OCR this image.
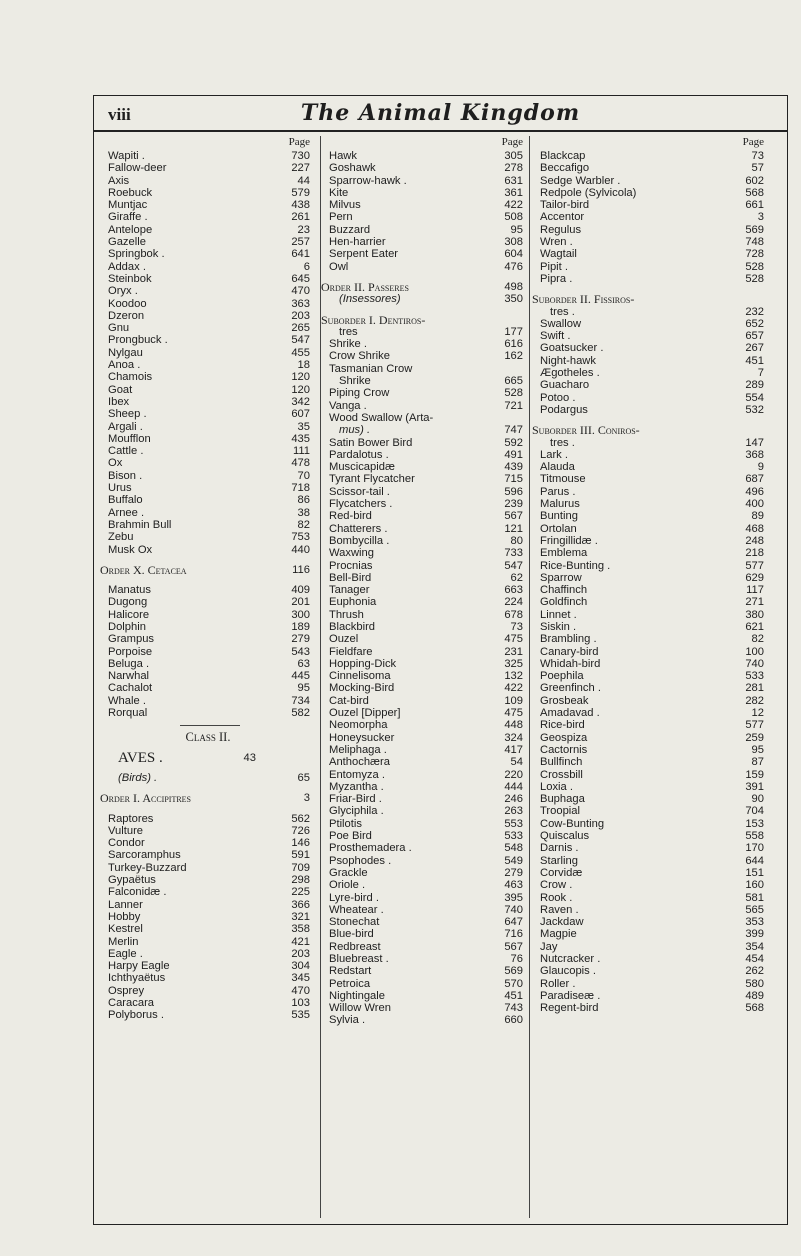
viii	The Animal Kingdom
Page
Wapiti .	730
Fallow-deer	227
Axis	44
Roebuck	579
Muntjac	438
Giraffe .	261
Antelope	23
Gazelle	257
Springbok .	641
Addax .	6
Steinbok	645
Oryx .	470
Koodoo	363
Dzeron	203
Gnu	265
Prongbuck .	547
Nylgau	455
Anoa .	18
Chamois	120
Goat	120
Ibex	342
Sheep .	607
Argali .	35
Moufflon	435
Cattle .	111
Ox	478
Bison .	70
Urus	718
Buffalo	86
Arnee .	38
Brahmin Bull	82
Zebu	753
Musk Ox	440
Order X. Cetacea	116
Manatus	409
Dugong	201
Halicore	300
Dolphin	189
Grampus	279
Porpoise	543
Beluga .	63
Narwhal	445
Cachalot	95
Whale .	734
Rorqual	582
Class II.
AVES .	43
(Birds) .	65
Order I. Accipitres	3
Raptores	562
Vulture	726
Condor	146
Sarcoramphus	591
Turkey-Buzzard	709
Gypaëtus	298
Falconidæ .	225
Lanner	366
Hobby	321
Kestrel	358
Merlin	421
Eagle .	203
Harpy Eagle	304
Ichthyaëtus	345
Osprey	470
Caracara	103
Polyborus .	535
Page
Hawk	305
Goshawk	278
Sparrow-hawk .	631
Kite	361
Milvus	422
Pern	508
Buzzard	95
Hen-harrier	308
Serpent Eater	604
Owl	476
Order II. Passeres	498
(Insessores)	350
Suborder I. Dentiros-
tres	177
Shrike .	616
Crow Shrike	162
Tasmanian Crow
Shrike	665
Piping Crow	528
Vanga .	721
Wood Swallow (Arta-
mus) .	747
Satin Bower Bird	592
Pardalotus .	491
Muscicapidæ	439
Tyrant Flycatcher	715
Scissor-tail .	596
Flycatchers .	239
Red-bird	567
Chatterers .	121
Bombycilla .	80
Waxwing	733
Procnias	547
Bell-Bird	62
Tanager	663
Euphonia	224
Thrush	678
Blackbird	73
Ouzel	475
Fieldfare	231
Hopping-Dick	325
Cinnelisoma	132
Mocking-Bird	422
Cat-bird	109
Ouzel [Dipper]	475
Neomorpha	448
Honeysucker	324
Meliphaga .	417
Anthochæra	54
Entomyza .	220
Myzantha .	444
Friar-Bird .	246
Glyciphila .	263
Ptilotis	553
Poe Bird	533
Prosthemadera .	548
Psophodes .	549
Grackle	279
Oriole .	463
Lyre-bird .	395
Wheatear .	740
Stonechat	647
Blue-bird	716
Redbreast	567
Bluebreast .	76
Redstart	569
Petroica	570
Nightingale	451
Willow Wren	743
Sylvia .	660
Page
Blackcap	73
Beccafigo	57
Sedge Warbler .	602
Redpole (Sylvicola)	568
Tailor-bird	661
Accentor	3
Regulus	569
Wren .	748
Wagtail	728
Pipit .	528
Pipra .	528
Suborder II. Fissiros-
tres .	232
Swallow	652
Swift .	657
Goatsucker .	267
Night-hawk	451
Ægotheles .	7
Guacharo	289
Potoo .	554
Podargus	532
Suborder III. Coniros-
tres .	147
Lark .	368
Alauda	9
Titmouse	687
Parus .	496
Malurus	400
Bunting	89
Ortolan	468
Fringillidæ .	248
Emblema	218
Rice-Bunting .	577
Sparrow	629
Chaffinch	117
Goldfinch	271
Linnet .	380
Siskin .	621
Brambling .	82
Canary-bird	100
Whidah-bird	740
Poephila	533
Greenfinch .	281
Grosbeak	282
Amadavad .	12
Rice-bird	577
Geospiza	259
Cactornis	95
Bullfinch	87
Crossbill	159
Loxia .	391
Buphaga	90
Troopial	704
Cow-Bunting	153
Quiscalus	558
Darnis .	170
Starling	644
Corvidæ	151
Crow .	160
Rook .	581
Raven .	565
Jackdaw	353
Magpie	399
Jay	354
Nutcracker .	454
Glaucopis .	262
Roller .	580
Paradiseæ .	489
Regent-bird	568
